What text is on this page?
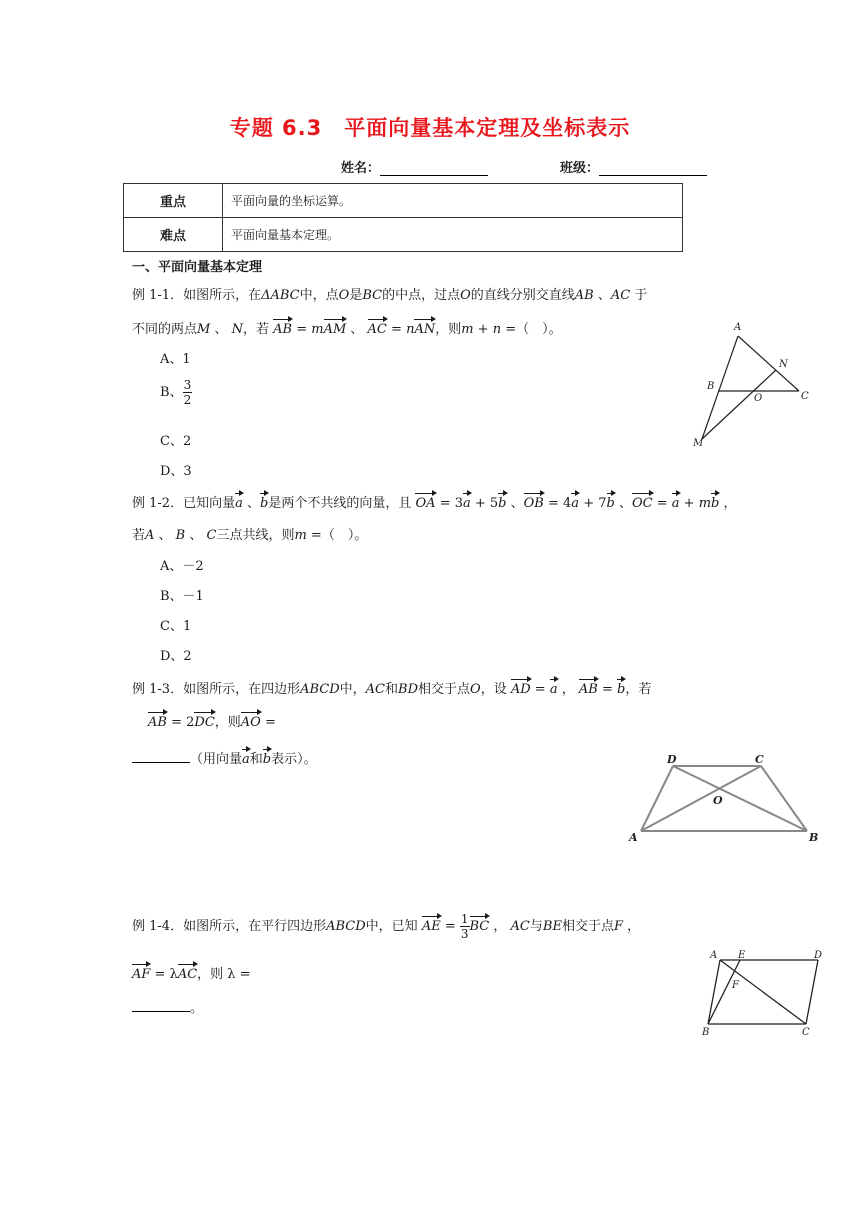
专题 6.3 平面向量基本定理及坐标表示
姓名：	班级：
重点	平面向量的坐标运算。
难点	平面向量基本定理。
一、平面向量基本定理
例 1-1．如图所示，在ΔABC中，点O是BC的中点，过点O的直线分别交直线AB 、AC 于
不同的两点M 、 N，若 AB = mAM 、 AC = nAN，则m + n =（　）。
A、1
B、 $\frac{3}{2}$
C、2
D、3
A
N
B
O	C
M
例 1-2．已知向量a 、b是两个不共线的向量，且 OA = 3a + 5b 、OB = 4a + 7b 、OC = a + mb ，
若A 、 B 、 C三点共线，则m =（　）。
A、－2
B、－1
C、1
D、2
例 1-3．如图所示，在四边形ABCD中，AC和BD相交于点O，设 AD = a ， AB = b，若
AB = 2DC，则AO =
（用向量a和b表示）。	D	C
O
A	B
例 1-4．如图所示，在平行四边形ABCD中，已知 AE = $\frac{1}{3}$ BC ， AC与BE相交于点F ，
AF = λAC，则 λ =
。
A E	D
F
B	C
